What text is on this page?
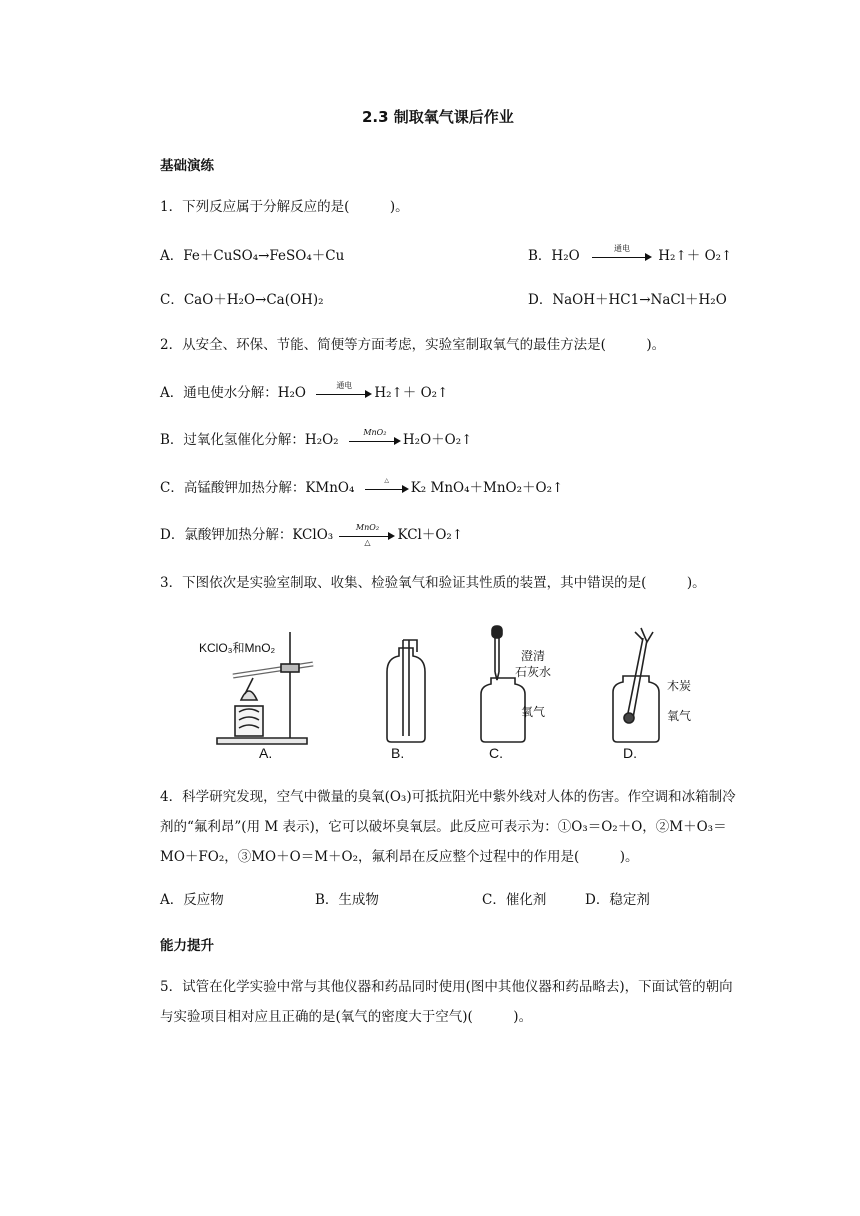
2.3 制取氧气课后作业
基础演练
1．下列反应属于分解反应的是(　　　)。
A．Fe＋CuSO₄→FeSO₄＋Cu	B．H₂O	通电	H₂↑＋ O₂↑
C．CaO＋H₂O→Ca(OH)₂	D．NaOH＋HC1→NaCl＋H₂O
2．从安全、环保、节能、简便等方面考虑，实验室制取氧气的最佳方法是(　　　)。
A．通电使水分解：H₂O	通电	H₂↑＋ O₂↑
B．过氧化氢催化分解：H₂O₂	MnO₂	H₂O＋O₂↑
C．高锰酸钾加热分解：KMnO₄	△	K₂ MnO₄＋MnO₂＋O₂↑
D．氯酸钾加热分解：KClO₃	MnO₂
△	KCl＋O₂↑
3．下图依次是实验室制取、收集、检验氧气和验证其性质的装置，其中错误的是(　　　)。
KClO₃和MnO₂
澄清
石灰水
氧气
木炭
氧气
A.	B.	C.	D.
4．科学研究发现，空气中微量的臭氧(O₃)可抵抗阳光中紫外线对人体的伤害。作空调和冰箱制冷剂的“氟利昂”(用 M 表示)，它可以破坏臭氧层。此反应可表示为：①O₃＝O₂＋O，②M＋O₃＝MO＋FO₂，③MO＋O＝M＋O₂，氟利昂在反应整个过程中的作用是(　　　)。
A．反应物	B．生成物	C．催化剂	D．稳定剂
能力提升
5．试管在化学实验中常与其他仪器和药品同时使用(图中其他仪器和药品略去)，下面试管的朝向与实验项目相对应且正确的是(氧气的密度大于空气)(　　　)。
